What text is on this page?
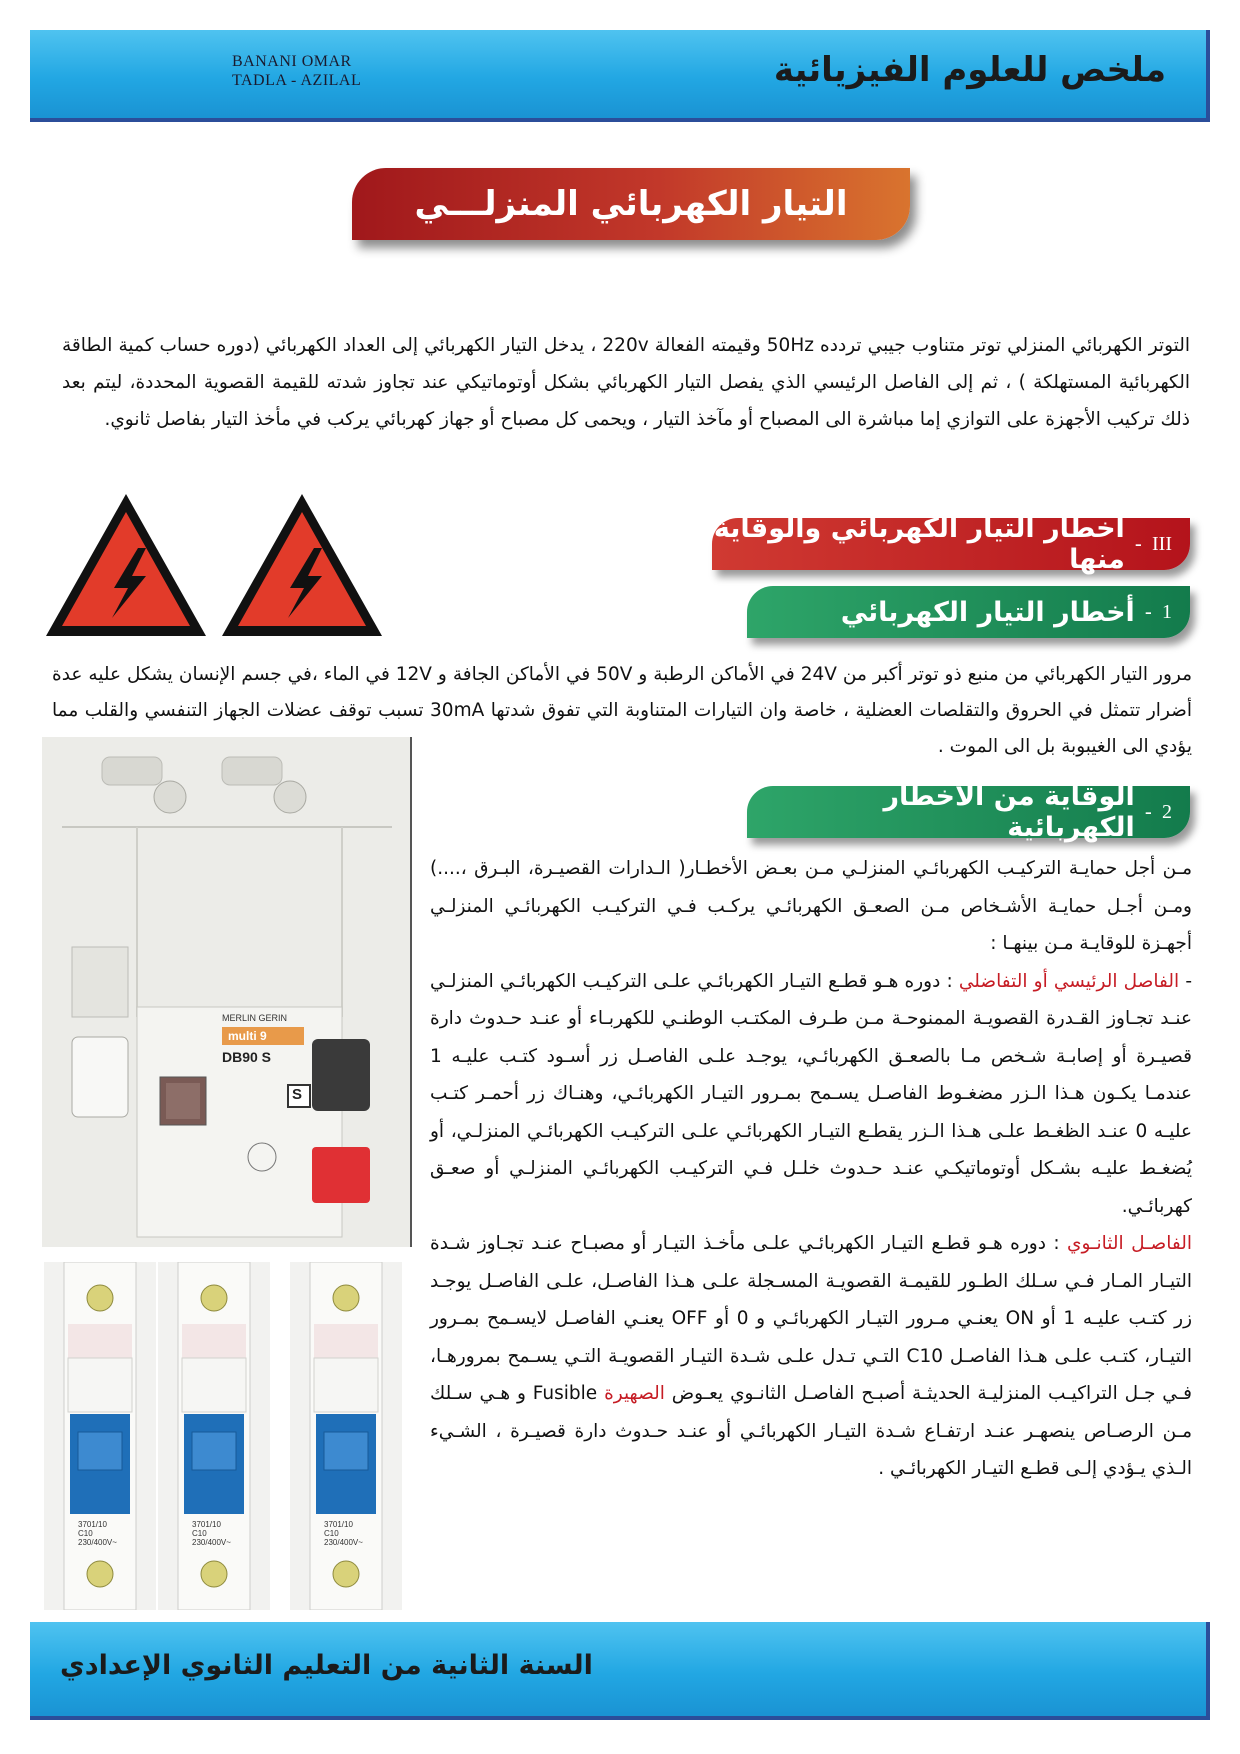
BANANI OMAR
TADLA - AZILAL	ملخص للعلوم الفيزيائية
التيار الكهربائي المنزلـــي
التوتر الكهربائي المنزلي توتر متناوب جيبي تردده 50Hz وقيمته الفعالة 220v ، يدخل التيار الكهربائي إلى العداد الكهربائي (دوره حساب كمية الطاقة الكهربائية المستهلكة ) ، ثم إلى الفاصل الرئيسي الذي يفصل التيار الكهربائي بشكل أوتوماتيكي عند تجاوز شدته للقيمة القصوية المحددة، ليتم بعد ذلك تركيب الأجهزة على التوازي إما مباشرة الى المصباح أو مآخذ التيار ، ويحمى كل مصباح أو جهاز كهربائي يركب في مأخذ التيار بفاصل ثانوي.
III
-
أخطار التيار الكهربائي والوقاية منها
1
-
أخطار التيار الكهربائي
مرور التيار الكهربائي من منبع ذو توتر أكبر من 24V في الأماكن الرطبة و 50V في الأماكن الجافة و 12V في الماء ،في جسم الإنسان يشكل عليه عدة أضرار تتمثل في الحروق والتقلصات العضلية ، خاصة وان التيارات المتناوبة التي تفوق شدتها 30mA تسبب توقف عضلات الجهاز التنفسي والقلب مما يؤدي الى الغيبوبة بل الى الموت .
2
-
الوقاية من الأخطار الكهربائية
MERLIN GERIN
multi 9
DB90 S
S
3701/10
C10
230/400V~
3701/10
C10
230/400V~
3701/10
C10
230/400V~
مـن أجل حمايـة التركيـب الكهربائـي المنزلـي مـن بعـض الأخطـار( الـدارات القصيـرة، البـرق ،....) ومـن أجـل حمايـة الأشـخاص مـن الصعـق الكهربائـي يركـب فـي التركيـب الكهربائـي المنزلـي أجهـزة للوقايـة مـن بينهـا :
- الفاصل الرئيسي أو التفاضلي : دوره هـو قطـع التيـار الكهربائـي علـى التركيـب الكهربائـي المنزلـي عنـد تجـاوز القـدرة القصويـة الممنوحـة مـن طـرف المكتـب الوطنـي للكهربـاء أو عنـد حـدوث دارة قصيـرة أو إصابـة شـخص مـا بالصعـق الكهربائـي، يوجـد علـى الفاصـل زر أسـود كتـب عليـه 1 عندمـا يكـون هـذا الـزر مضغـوط الفاصـل يسـمح بمـرور التيـار الكهربائـي، وهنـاك زر أحمـر كتـب عليـه 0 عنـد الظغـط علـى هـذا الـزر يقطـع التيـار الكهربائـي علـى التركيـب الكهربائـي المنزلـي، أو يُضغـط عليـه بشـكل أوتوماتيكـي عنـد حـدوث خلـل فـي التركيـب الكهربائـي المنزلـي أو صعـق كهربائـي.
الفاصـل الثانـوي : دوره هـو قطـع التيـار الكهربائـي علـى مأخـذ التيـار أو مصبـاح عنـد تجـاوز شـدة التيـار المـار فـي سـلك الطـور للقيمـة القصويـة المسـجلة علـى هـذا الفاصـل، علـى الفاصـل يوجـد زر كتـب عليـه 1 أو ON يعنـي مـرور التيـار الكهربائـي و 0 أو OFF يعنـي الفاصـل لايسـمح بمـرور التيـار، كتـب علـى هـذا الفاصـل C10 التـي تـدل علـى شـدة التيـار القصويـة التـي يسـمح بمرورهـا، فـي جـل التراكيـب المنزليـة الحديثـة أصبـح الفاصـل الثانـوي يعـوض الصهيرة Fusible و هـي سـلك مـن الرصـاص ينصهـر عنـد ارتفـاع شـدة التيـار الكهربائـي أو عنـد حـدوث دارة قصيـرة ، الشـيء الـذي يـؤدي إلـى قطـع التيـار الكهربائـي .
السنة الثانية من التعليم الثانوي الإعدادي
